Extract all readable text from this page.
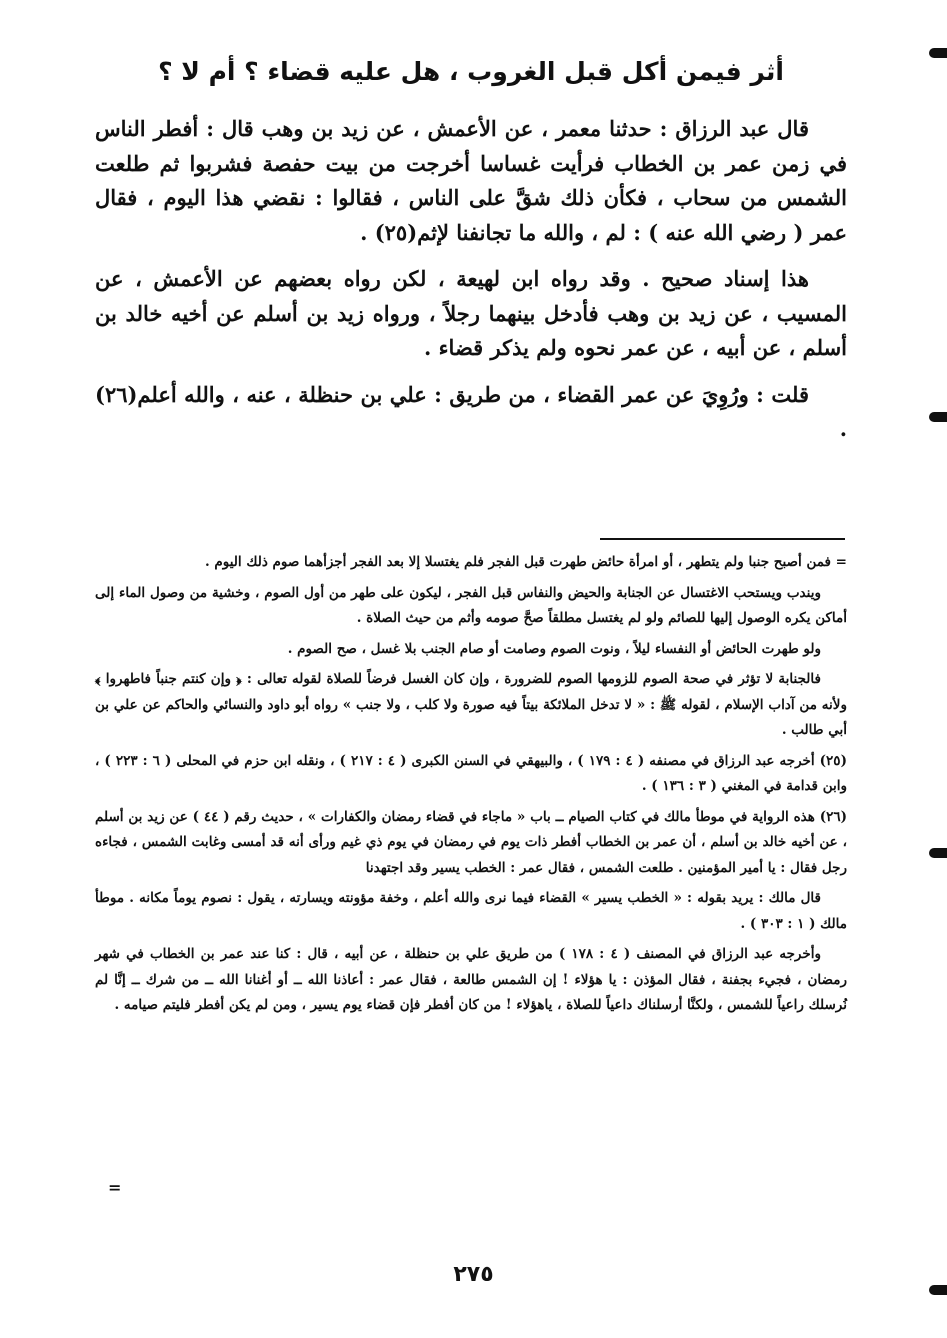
أثر فيمن أكل قبل الغروب ، هل عليه قضاء ؟ أم لا ؟

قال عبد الرزاق : حدثنا معمر ، عن الأعمش ، عن زيد بن وهب قال : أفطر الناس في زمن عمر بن الخطاب فرأيت غساسا أخرجت من بيت حفصة فشربوا ثم طلعت الشمس من سحاب ، فكأن ذلك شقَّ على الناس ، فقالوا : نقضي هذا اليوم ، فقال عمر ( رضي الله عنه ) : لم ، والله ما تجانفنا لإثم(٢٥) .

هذا إسناد صحيح . وقد رواه ابن لهيعة ، لكن رواه بعضهم عن الأعمش ، عن المسيب ، عن زيد بن وهب فأدخل بينهما رجلاً ، ورواه زيد بن أسلم عن أخيه خالد بن أسلم ، عن أبيه ، عن عمر نحوه ولم يذكر قضاء .

قلت : ورُوِيَ عن عمر القضاء ، من طريق : علي بن حنظلة ، عنه ، والله أعلم(٢٦) .

= فمن أصبح جنبا ولم يتطهر ، أو امرأة حائض طهرت قبل الفجر فلم يغتسلا إلا بعد الفجر أجزأهما صوم ذلك اليوم .

ويندب ويستحب الاغتسال عن الجنابة والحيض والنفاس قبل الفجر ، ليكون على طهر من أول الصوم ، وخشية من وصول الماء إلى أماكن يكره الوصول إليها للصائم ولو لم يغتسل مطلقاً صحَّ صومه وأثم من حيث الصلاة .

ولو طهرت الحائض أو النفساء ليلاً ، ونوت الصوم وصامت أو صام الجنب بلا غسل ، صح الصوم .

فالجنابة لا تؤثر في صحة الصوم للزومها الصوم للضرورة ، وإن كان الغسل فرضاً للصلاة لقوله تعالى : ﴿ وإن كنتم جنباً فاطهروا ﴾ ولأنه من آداب الإسلام ، لقوله ﷺ : « لا تدخل الملائكة بيتاً فيه صورة ولا كلب ، ولا جنب » رواه أبو داود والنسائي والحاكم عن علي بن أبي طالب .

(٢٥) أخرجه عبد الرزاق في مصنفه ( ٤ : ١٧٩ ) ، والبيهقي في السنن الكبرى ( ٤ : ٢١٧ ) ، ونقله ابن حزم في المحلى ( ٦ : ٢٢٣ ) ، وابن قدامة في المغني ( ٣ : ١٣٦ ) .

(٢٦) هذه الرواية في موطأ مالك في كتاب الصيام ــ باب « ماجاء في قضاء رمضان والكفارات » ، حديث رقم ( ٤٤ ) عن زيد بن أسلم ، عن أخيه خالد بن أسلم ، أن عمر بن الخطاب أفطر ذات يوم في رمضان في يوم ذي غيم ورأى أنه قد أمسى وغابت الشمس ، فجاءه رجل فقال : يا أمير المؤمنين . طلعت الشمس ، فقال عمر : الخطب يسير وقد اجتهدنا

قال مالك : يريد بقوله : « الخطب يسير » القضاء فيما نرى والله أعلم ، وخفة مؤونته ويسارته ، يقول : نصوم يوماً مكانه . موطأ مالك ( ١ : ٣٠٣ ) .

وأخرجه عبد الرزاق في المصنف ( ٤ : ١٧٨ ) من طريق علي بن حنظلة ، عن أبيه ، قال : كنا عند عمر بن الخطاب في شهر رمضان ، فجيء بجفنة ، فقال المؤذن : يا هؤلاء ! إن الشمس طالعة ، فقال عمر : أعاذنا الله ــ أو أغنانا الله ــ من شرك ــ إنَّا لم نُرسلك راعياً للشمس ، ولكنَّا أرسلناك داعياً للصلاة ، ياهؤلاء ! من كان أفطر فإن قضاء يوم يسير ، ومن لم يكن أفطر فليتم صيامه .

=
٢٧٥
